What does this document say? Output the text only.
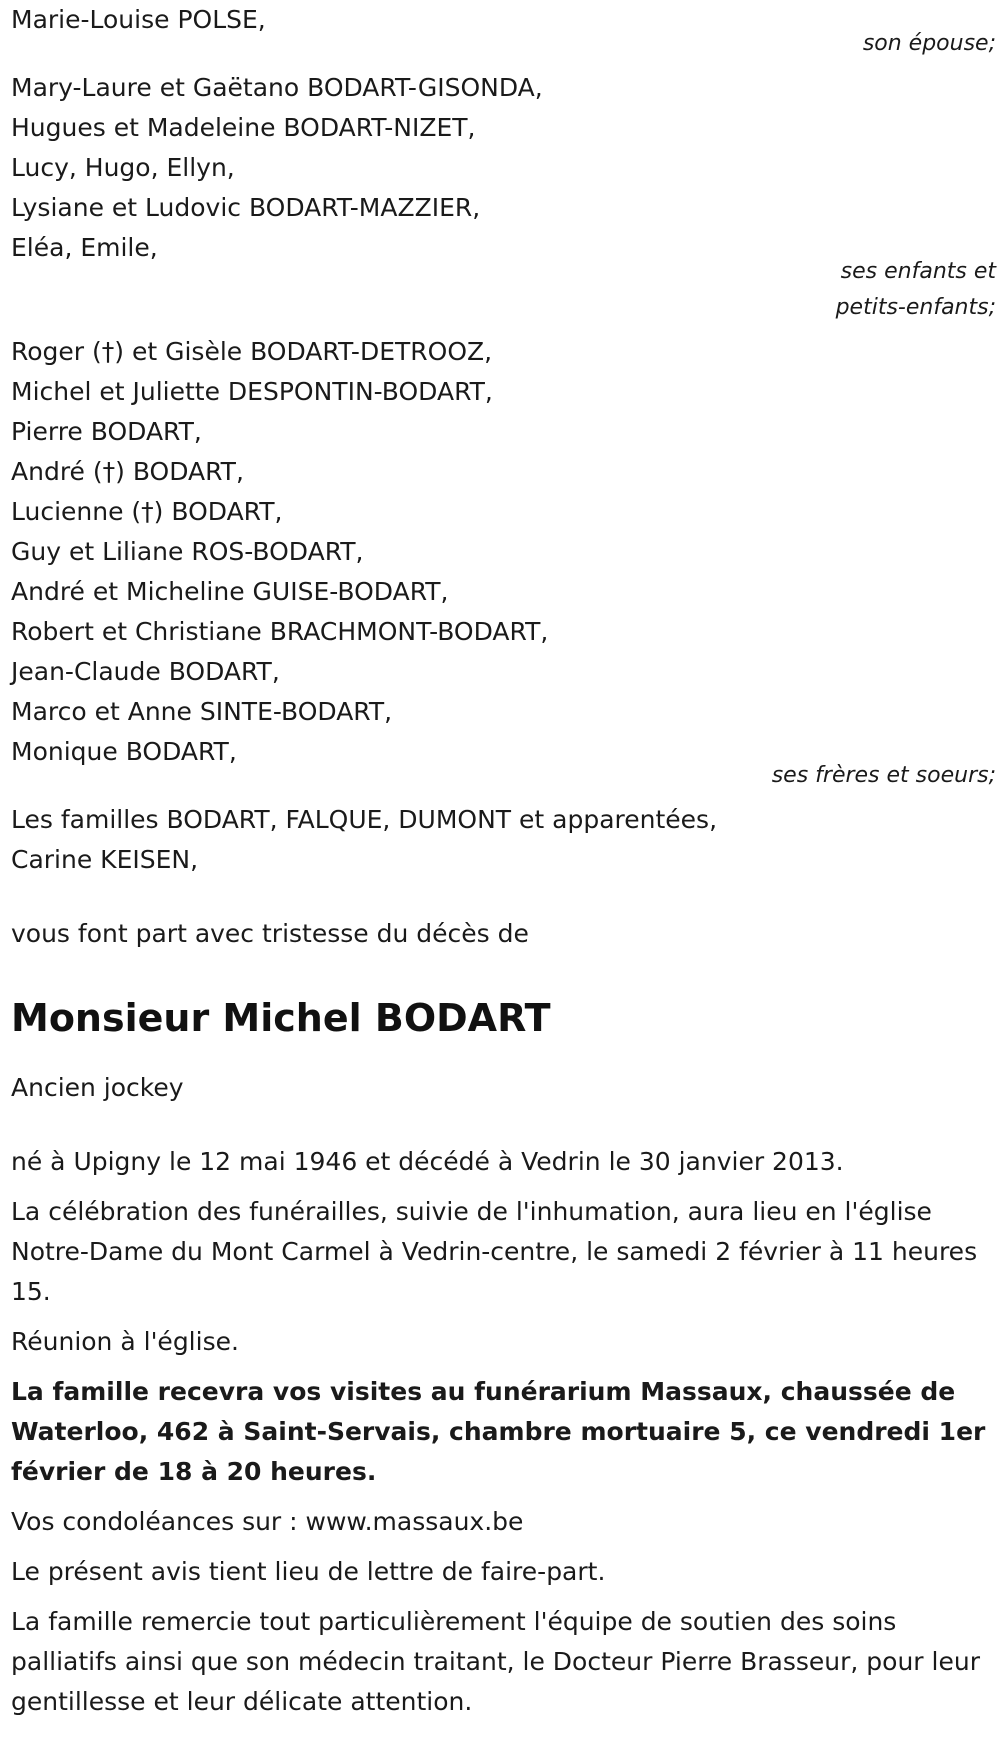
Marie-Louise POLSE,

son épouse;

Mary-Laure et Gaëtano BODART-GISONDA,

Hugues et Madeleine BODART-NIZET,

Lucy, Hugo, Ellyn,

Lysiane et Ludovic BODART-MAZZIER,

Eléa, Emile,

ses enfants et

petits-enfants;

Roger (†) et Gisèle BODART-DETROOZ,

Michel et Juliette DESPONTIN-BODART,

Pierre BODART,

André (†) BODART,

Lucienne (†) BODART,

Guy et Liliane ROS-BODART,

André et Micheline GUISE-BODART,

Robert et Christiane BRACHMONT-BODART,

Jean-Claude BODART,

Marco et Anne SINTE-BODART,

Monique BODART,

ses frères et soeurs;

Les familles BODART, FALQUE, DUMONT et apparentées,

Carine KEISEN,

vous font part avec tristesse du décès de

Monsieur Michel BODART

Ancien jockey

né à Upigny le 12 mai 1946 et décédé à Vedrin le 30 janvier 2013.

La célébration des funérailles, suivie de l'inhumation, aura lieu en l'église Notre-Dame du Mont Carmel à Vedrin-centre, le samedi 2 février à 11 heures 15.

Réunion à l'église.

La famille recevra vos visites au funérarium Massaux, chaussée de Waterloo, 462 à Saint-Servais, chambre mortuaire 5, ce vendredi 1er février de 18 à 20 heures.

Vos condoléances sur : www.massaux.be

Le présent avis tient lieu de lettre de faire-part.

La famille remercie tout particulièrement l'équipe de soutien des soins palliatifs ainsi que son médecin traitant, le Docteur Pierre Brasseur, pour leur gentillesse et leur délicate attention.
